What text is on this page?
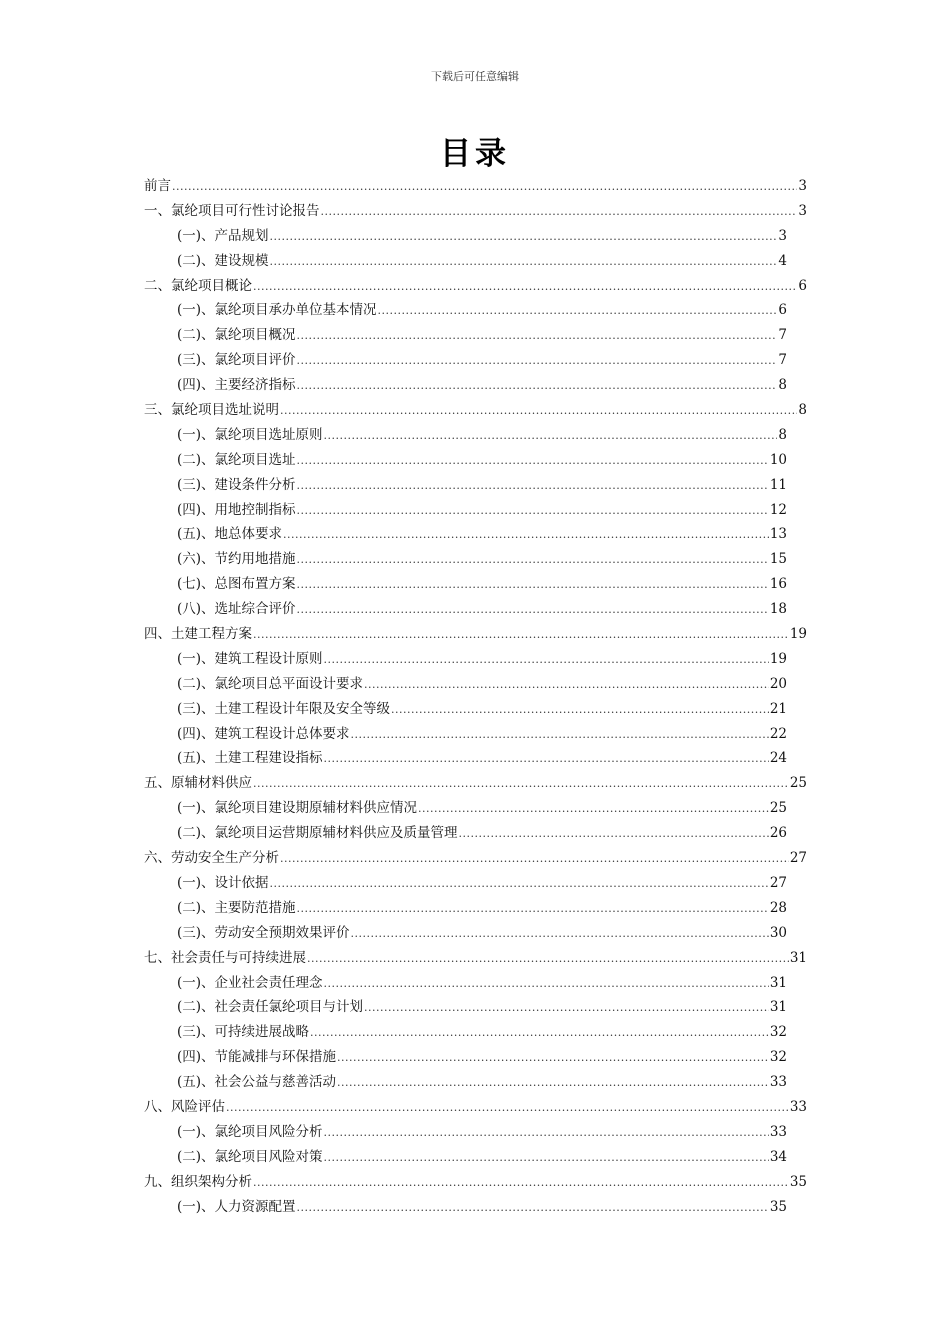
下载后可任意编辑
目录
前言 .....	3
一、氯纶项目可行性讨论报告 .....	3
(一)、产品规划 .....	3
(二)、建设规模 .....	4
二、氯纶项目概论 .....	6
(一)、氯纶项目承办单位基本情况 .....	6
(二)、氯纶项目概况 .....	7
(三)、氯纶项目评价 .....	7
(四)、主要经济指标 .....	8
三、氯纶项目选址说明 .....	8
(一)、氯纶项目选址原则 .....	8
(二)、氯纶项目选址 .....	10
(三)、建设条件分析 .....	11
(四)、用地控制指标 .....	12
(五)、地总体要求 .....	13
(六)、节约用地措施 .....	15
(七)、总图布置方案 .....	16
(八)、选址综合评价 .....	18
四、土建工程方案 .....	19
(一)、建筑工程设计原则 .....	19
(二)、氯纶项目总平面设计要求 .....	20
(三)、土建工程设计年限及安全等级 .....	21
(四)、建筑工程设计总体要求 .....	22
(五)、土建工程建设指标 .....	24
五、原辅材料供应 .....	25
(一)、氯纶项目建设期原辅材料供应情况 .....	25
(二)、氯纶项目运营期原辅材料供应及质量管理 .....	26
六、劳动安全生产分析 .....	27
(一)、设计依据 .....	27
(二)、主要防范措施 .....	28
(三)、劳动安全预期效果评价 .....	30
七、社会责任与可持续进展 .....	31
(一)、企业社会责任理念 .....	31
(二)、社会责任氯纶项目与计划 .....	31
(三)、可持续进展战略 .....	32
(四)、节能减排与环保措施 .....	32
(五)、社会公益与慈善活动 .....	33
八、风险评估 .....	33
(一)、氯纶项目风险分析 .....	33
(二)、氯纶项目风险对策 .....	34
九、组织架构分析 .....	35
(一)、人力资源配置 .....	35
